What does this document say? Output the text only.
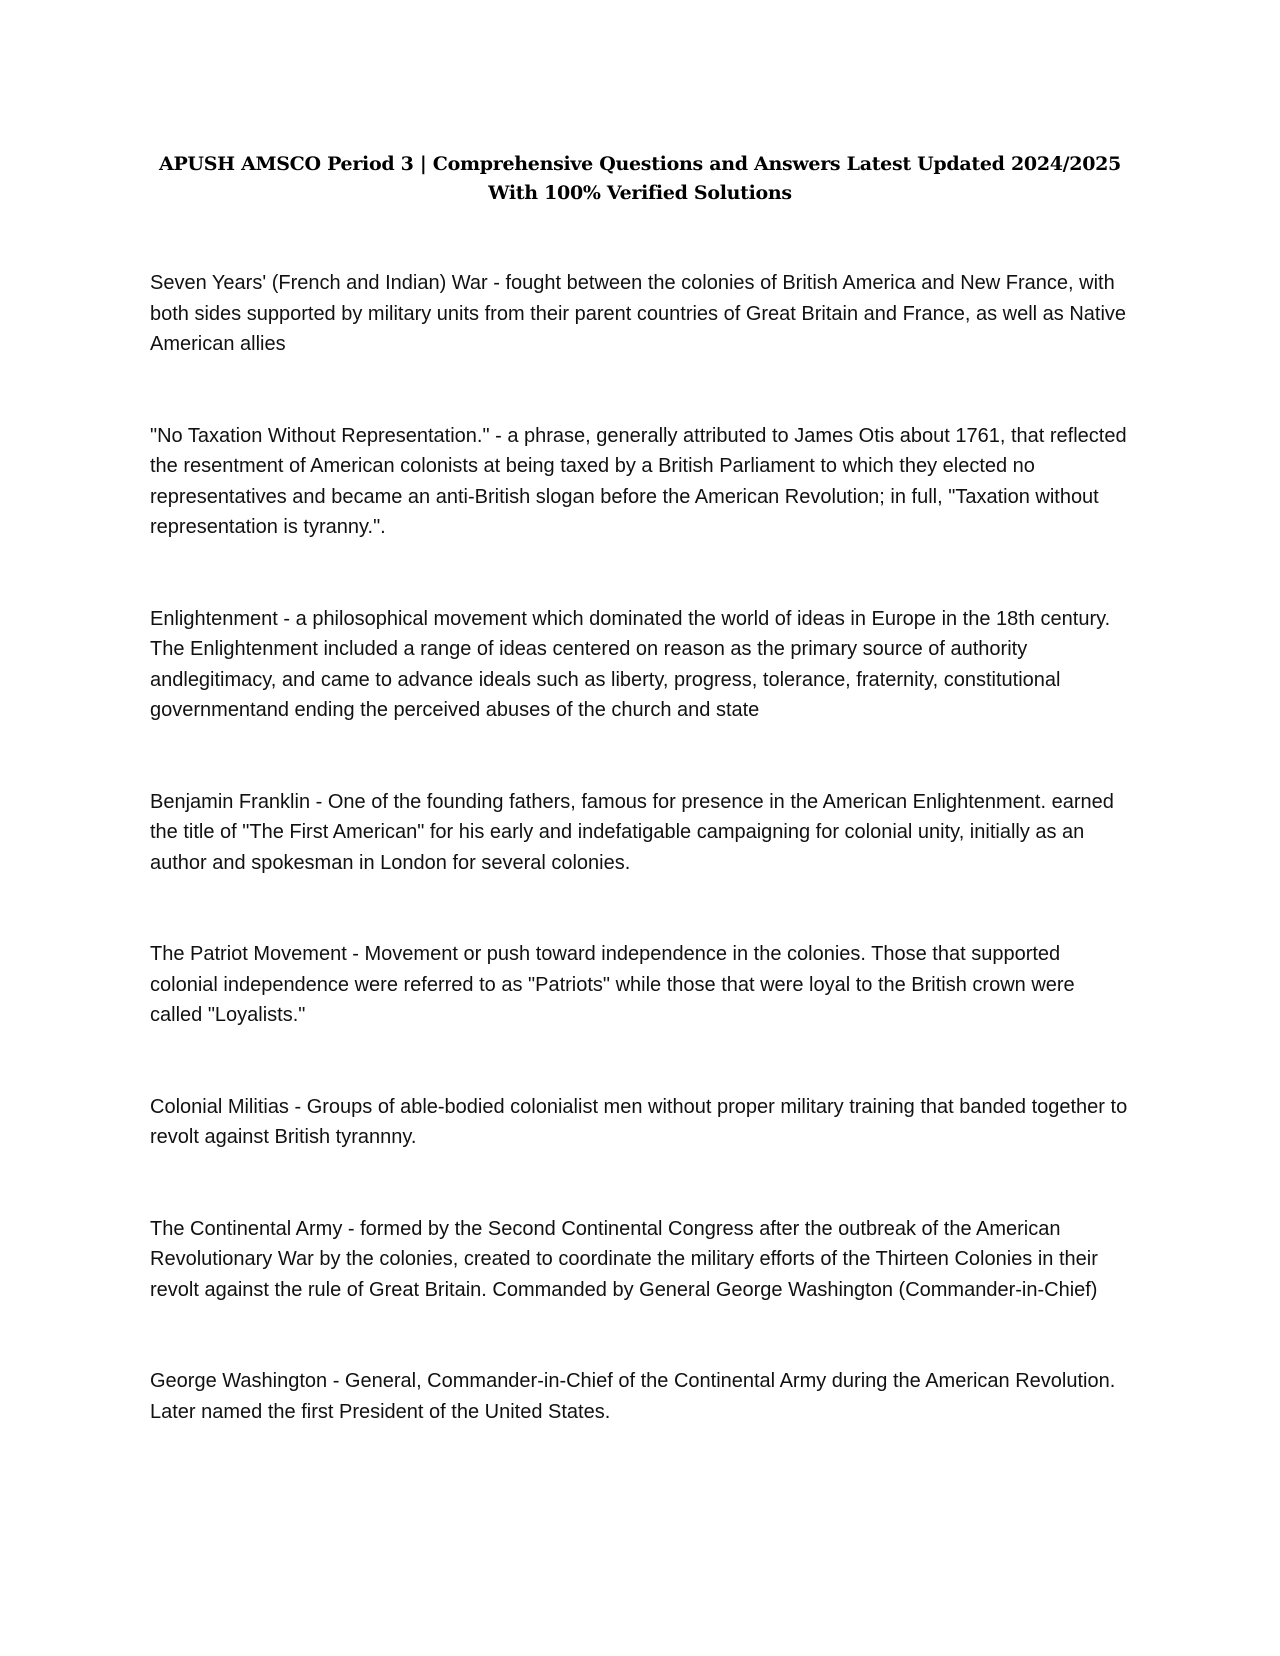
APUSH AMSCO Period 3 | Comprehensive Questions and Answers Latest Updated 2024/2025
With 100% Verified Solutions

Seven Years' (French and Indian) War - fought between the colonies of British America and New France, with both sides supported by military units from their parent countries of Great Britain and France, as well as Native American allies

"No Taxation Without Representation." - a phrase, generally attributed to James Otis about 1761, that reflected the resentment of American colonists at being taxed by a British Parliament to which they elected no representatives and became an anti-British slogan before the American Revolution; in full, "Taxation without representation is tyranny.".

Enlightenment - a philosophical movement which dominated the world of ideas in Europe in the 18th century. The Enlightenment included a range of ideas centered on reason as the primary source of authority andlegitimacy, and came to advance ideals such as liberty, progress, tolerance, fraternity, constitutional governmentand ending the perceived abuses of the church and state

Benjamin Franklin - One of the founding fathers, famous for presence in the American Enlightenment. earned the title of "The First American" for his early and indefatigable campaigning for colonial unity, initially as an author and spokesman in London for several colonies.

The Patriot Movement - Movement or push toward independence in the colonies. Those that supported colonial independence were referred to as "Patriots" while those that were loyal to the British crown were called "Loyalists."

Colonial Militias - Groups of able-bodied colonialist men without proper military training that banded together to revolt against British tyrannny.

The Continental Army - formed by the Second Continental Congress after the outbreak of the American Revolutionary War by the colonies, created to coordinate the military efforts of the Thirteen Colonies in their revolt against the rule of Great Britain. Commanded by General George Washington (Commander-in-Chief)

George Washington - General, Commander-in-Chief of the Continental Army during the American Revolution. Later named the first President of the United States.
